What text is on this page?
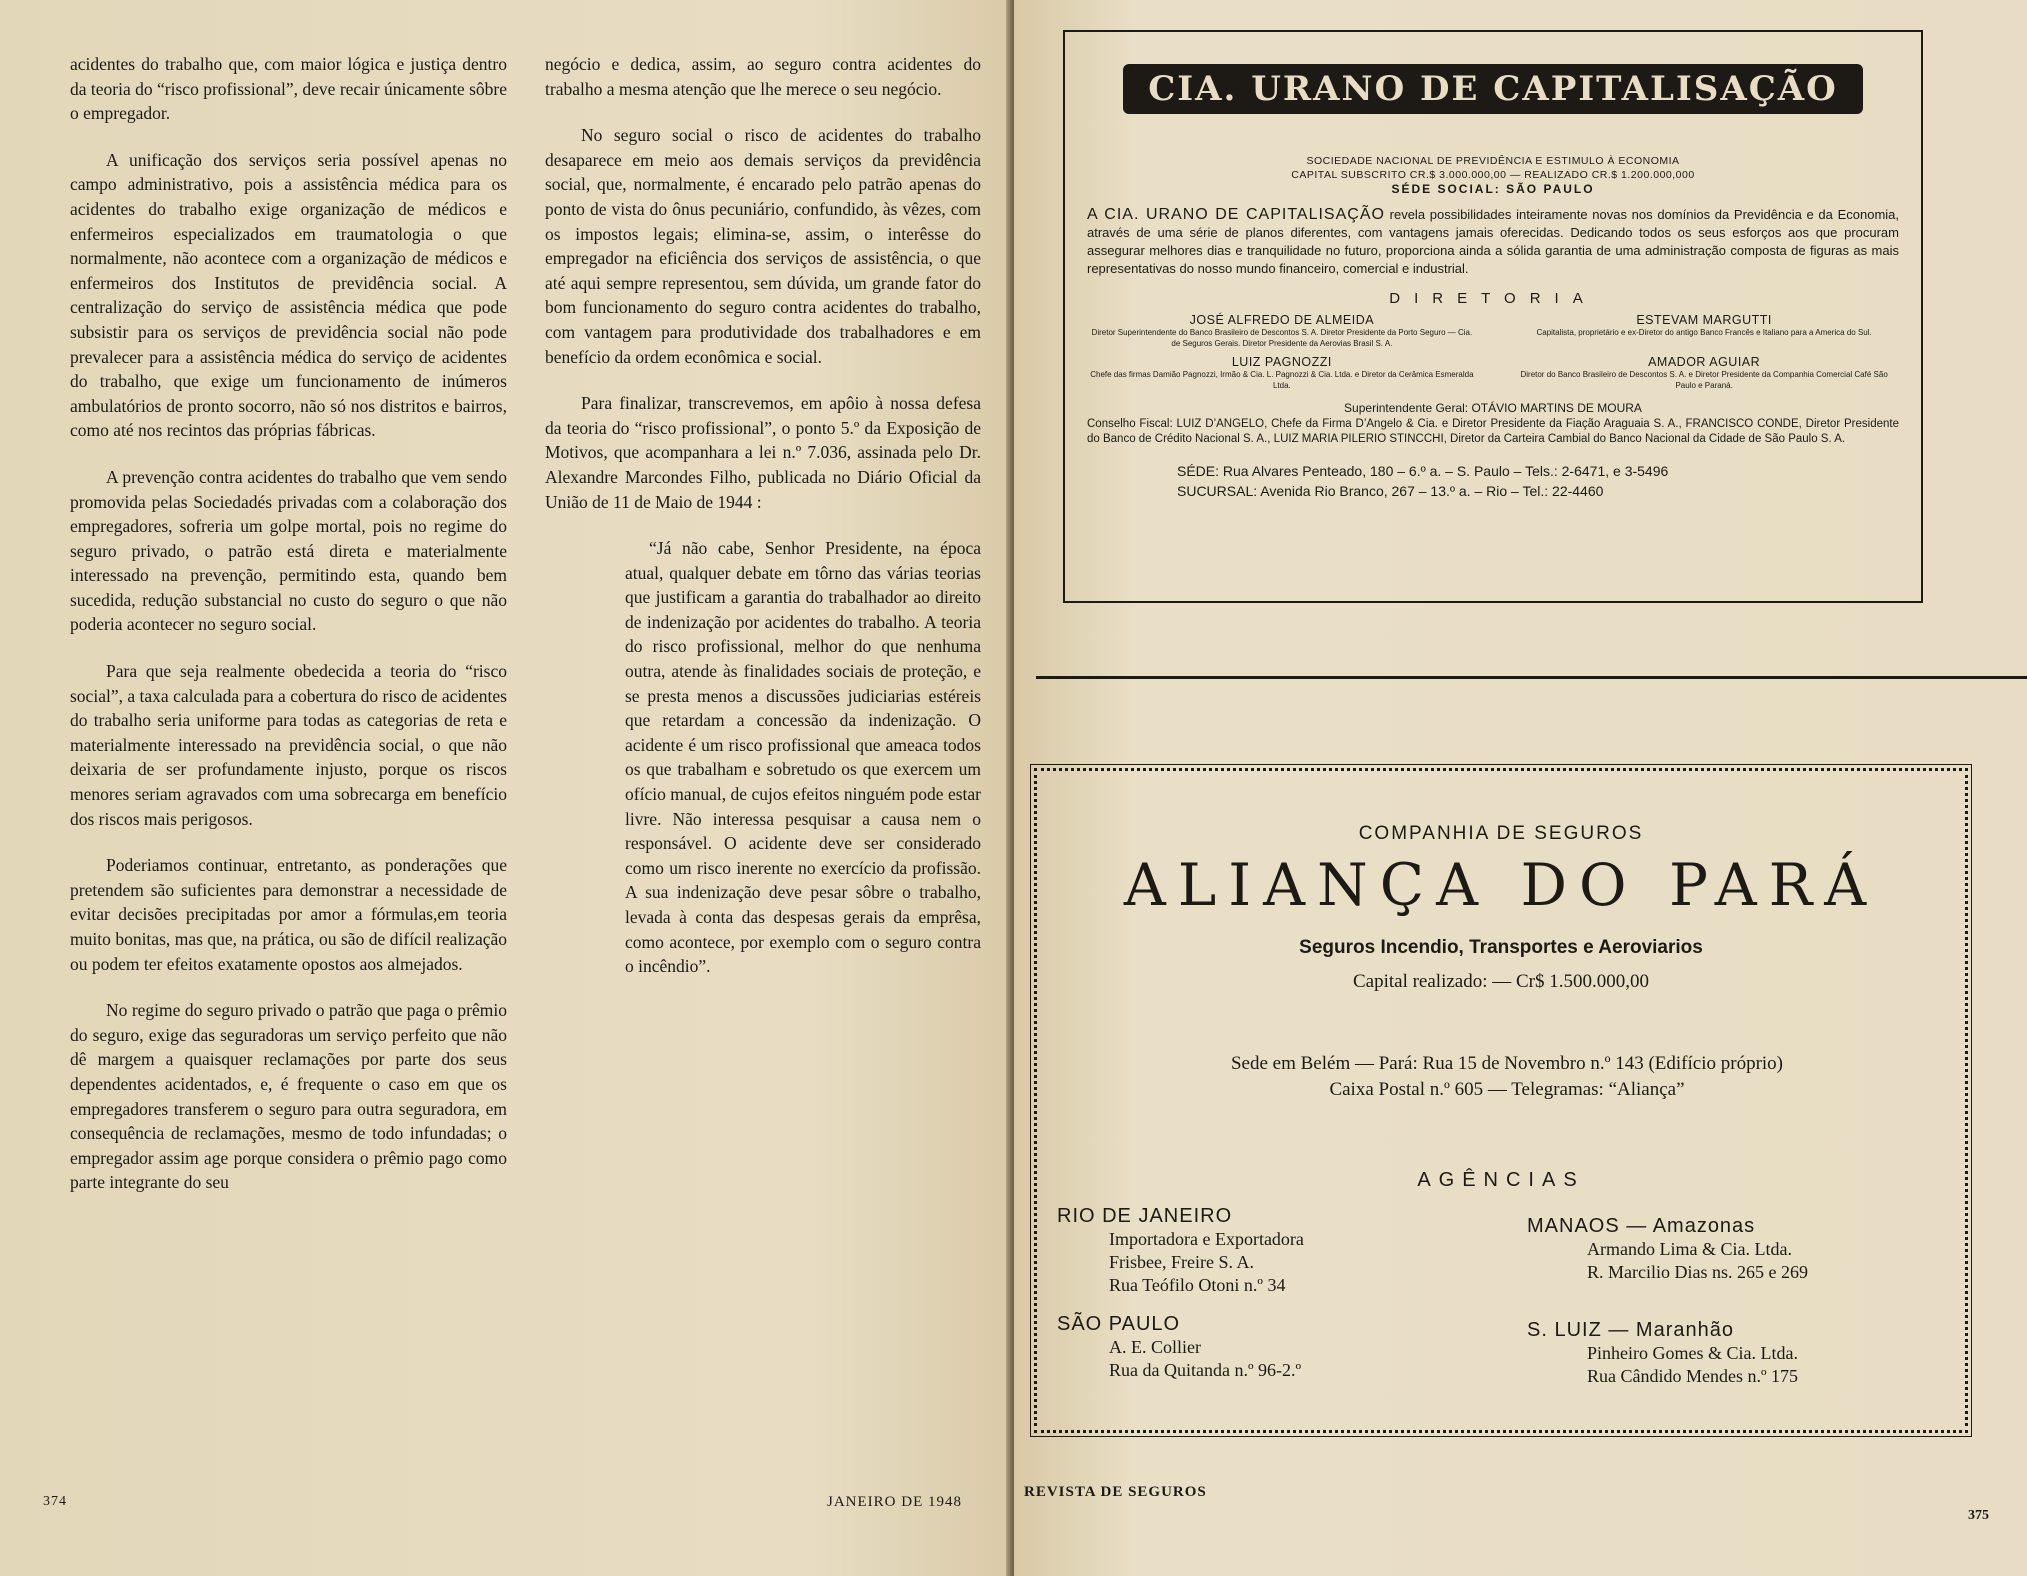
acidentes do trabalho que, com maior lógica e justiça dentro da teoria do “risco profissional”, deve recair únicamente sôbre o empregador.

A unificação dos serviços seria possível apenas no campo administrativo, pois a assistência médica para os acidentes do trabalho exige organização de médicos e enfermeiros especializados em traumatologia o que normalmente, não acontece com a organização de médicos e enfermeiros dos Institutos de previdência social. A centralização do serviço de assistência médica que pode subsistir para os serviços de previdência social não pode prevalecer para a assistência médica do serviço de acidentes do trabalho, que exige um funcionamento de inúmeros ambulatórios de pronto socorro, não só nos distritos e bairros, como até nos recintos das próprias fábricas.

A prevenção contra acidentes do trabalho que vem sendo promovida pelas Sociedadés privadas com a colaboração dos empregadores, sofreria um golpe mortal, pois no regime do seguro privado, o patrão está direta e materialmente interessado na prevenção, permitindo esta, quando bem sucedida, redução substancial no custo do seguro o que não poderia acontecer no seguro social.

Para que seja realmente obedecida a teoria do “risco social”, a taxa calculada para a cobertura do risco de acidentes do trabalho seria uniforme para todas as categorias de reta e materialmente interessado na previdência social, o que não deixaria de ser profundamente injusto, porque os riscos menores seriam agravados com uma sobrecarga em benefício dos riscos mais perigosos.

Poderiamos continuar, entretanto, as ponderações que pretendem são suficientes para demonstrar a necessidade de evitar decisões precipitadas por amor a fórmulas,em teoria muito bonitas, mas que, na prática, ou são de difícil realização ou podem ter efeitos exatamente opostos aos almejados.

No regime do seguro privado o patrão que paga o prêmio do seguro, exige das seguradoras um serviço perfeito que não dê margem a quaisquer reclamações por parte dos seus dependentes acidentados, e, é frequente o caso em que os empregadores transferem o seguro para outra seguradora, em consequência de reclamações, mesmo de todo infundadas; o empregador assim age porque considera o prêmio pago como parte integrante do seu

negócio e dedica, assim, ao seguro contra acidentes do trabalho a mesma atenção que lhe merece o seu negócio.

No seguro social o risco de acidentes do trabalho desaparece em meio aos demais serviços da previdência social, que, normalmente, é encarado pelo patrão apenas do ponto de vista do ônus pecuniário, confundido, às vêzes, com os impostos legais; elimina-se, assim, o interêsse do empregador na eficiência dos serviços de assistência, o que até aqui sempre representou, sem dúvida, um grande fator do bom funcionamento do seguro contra acidentes do trabalho, com vantagem para produtividade dos trabalhadores e em benefício da ordem econômica e social.

Para finalizar, transcrevemos, em apôio à nossa defesa da teoria do “risco profissional”, o ponto 5.º da Exposição de Motivos, que acompanhara a lei n.º 7.036, assinada pelo Dr. Alexandre Marcondes Filho, publicada no Diário Oficial da União de 11 de Maio de 1944 :

“Já não cabe, Senhor Presidente, na época atual, qualquer debate em tôrno das várias teorias que justificam a garantia do trabalhador ao direito de indenização por acidentes do trabalho. A teoria do risco profissional, melhor do que nenhuma outra, atende às finalidades sociais de proteção, e se presta menos a discussões judiciarias estéreis que retardam a concessão da indenização. O acidente é um risco profissional que ameaca todos os que trabalham e sobretudo os que exercem um ofício manual, de cujos efeitos ninguém pode estar livre. Não interessa pesquisar a causa nem o responsável. O acidente deve ser considerado como um risco inerente no exercício da profissão. A sua indenização deve pesar sôbre o trabalho, levada à conta das despesas gerais da emprêsa, como acontece, por exemplo com o seguro contra o incêndio”.

374	JANEIRO DE 1948
CIA. URANO DE CAPITALISAÇÃO
SOCIEDADE NACIONAL DE PREVIDÊNCIA E ESTIMULO À ECONOMIA
CAPITAL SUBSCRITO CR.$ 3.000.000,00 — REALIZADO CR.$ 1.200.000,000
SÉDE SOCIAL: SÃO PAULO
A CIA. URANO DE CAPITALISAÇÃO revela possibilidades inteiramente novas nos domínios da Previdência e da Economia, através de uma série de planos diferentes, com vantagens jamais oferecidas. Dedicando todos os seus esforços aos que procuram assegurar melhores dias e tranquilidade no futuro, proporciona ainda a sólida garantia de uma administração composta de figuras as mais representativas do nosso mundo financeiro, comercial e industrial.
DIRETORIA
JOSÉ ALFREDO DE ALMEIDA
Diretor Superintendente do Banco Brasileiro de Descontos S. A. Diretor Presidente da Porto Seguro — Cia. de Seguros Gerais. Diretor Presidente da Aerovias Brasil S. A.
ESTEVAM MARGUTTI
Capitalista, proprietário e ex-Diretor do antigo Banco Francês e Italiano para a America do Sul.
LUIZ PAGNOZZI
Chefe das firmas Damião Pagnozzi, Irmão & Cia. L. Pagnozzi & Cia. Ltda. e Diretor da Cerâmica Esmeralda Ltda.
AMADOR AGUIAR
Diretor do Banco Brasileiro de Descontos S. A. e Diretor Presidente da Companhia Comercial Café São Paulo e Paraná.
Superintendente Geral: OTÁVIO MARTINS DE MOURA
Conselho Fiscal: LUIZ D’ANGELO, Chefe da Firma D’Angelo & Cia. e Diretor Presidente da Fiação Araguaia S. A., FRANCISCO CONDE, Diretor Presidente do Banco de Crédito Nacional S. A., LUIZ MARIA PILERIO STINCCHI, Diretor da Carteira Cambial do Banco Nacional da Cidade de São Paulo S. A.
SÉDE: Rua Alvares Penteado, 180 – 6.º a. – S. Paulo – Tels.: 2-6471, e 3-5496
SUCURSAL: Avenida Rio Branco, 267 – 13.º a. – Rio – Tel.: 22-4460
COMPANHIA DE SEGUROS
ALIANÇA DO PARÁ
Seguros Incendio, Transportes e Aeroviarios
Capital realizado: — Cr$ 1.500.000,00
Sede em Belém — Pará: Rua 15 de Novembro n.º 143 (Edifício próprio)
Caixa Postal n.º 605 — Telegramas: “Aliança”
AGÊNCIAS
RIO DE JANEIRO
Importadora e Exportadora
Frisbee, Freire S. A.
Rua Teófilo Otoni n.º 34
SÃO PAULO
A. E. Collier
Rua da Quitanda n.º 96-2.º
MANAOS — Amazonas
Armando Lima & Cia. Ltda.
R. Marcilio Dias ns. 265 e 269
S. LUIZ — Maranhão
Pinheiro Gomes & Cia. Ltda.
Rua Cândido Mendes n.º 175
REVISTA DE SEGUROS
375
